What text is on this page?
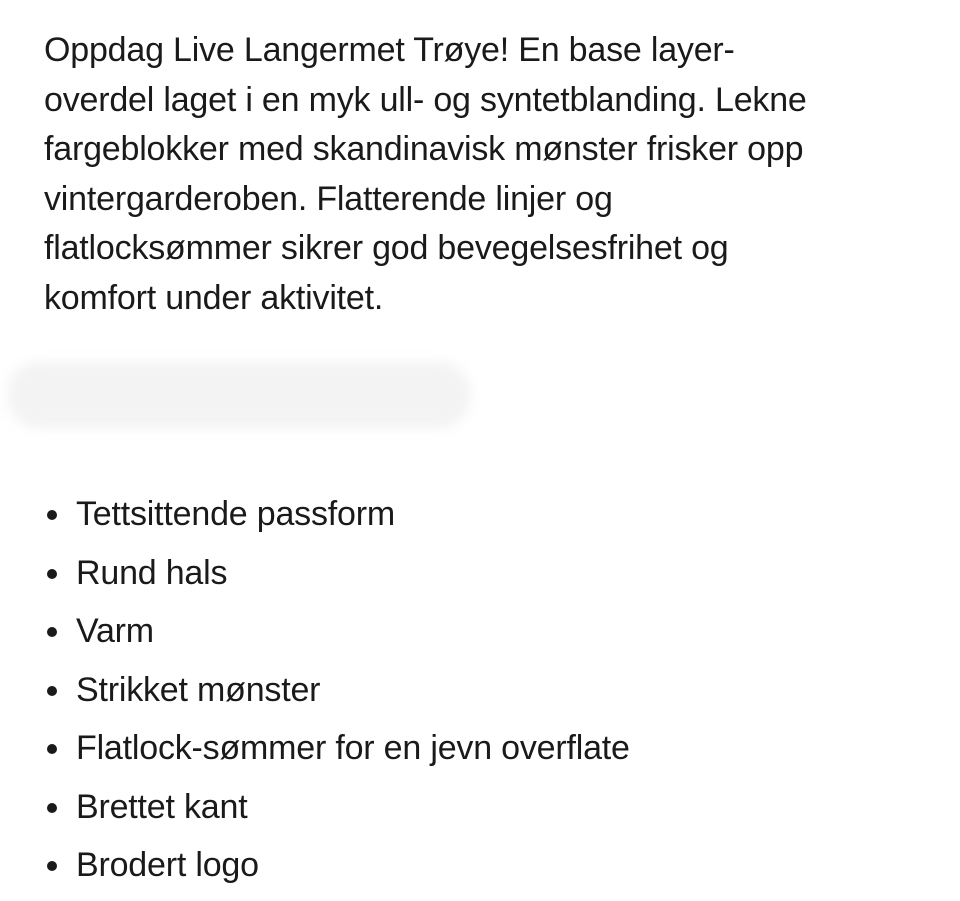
Oppdag Live Langermet Trøye! En base layer-
overdel laget i en myk ull- og syntetblanding. Lekne
fargeblokker med skandinavisk mønster frisker opp
vintergarderoben. Flatterende linjer og
flatlocksømmer sikrer god bevegelsesfrihet og
komfort under aktivitet.

Tettsittende passform
Rund hals
Varm
Strikket mønster
Flatlock-sømmer for en jevn overflate
Brettet kant
Brodert logo
